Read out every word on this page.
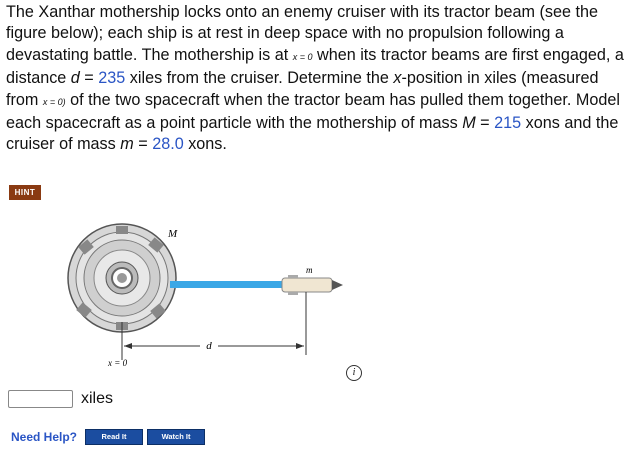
The Xanthar mothership locks onto an enemy cruiser with its tractor beam (see the figure below); each ship is at rest in deep space with no propulsion following a devastating battle. The mothership is at x = 0 when its tractor beams are first engaged, a distance d = 235 xiles from the cruiser. Determine the x-position in xiles (measured from x = 0) of the two spacecraft when the tractor beam has pulled them together. Model each spacecraft as a point particle with the mothership of mass M = 215 xons and the cruiser of mass m = 28.0 xons.
HINT
d
M
m
x = 0
i
xiles
Need Help?	Read It	Watch It
